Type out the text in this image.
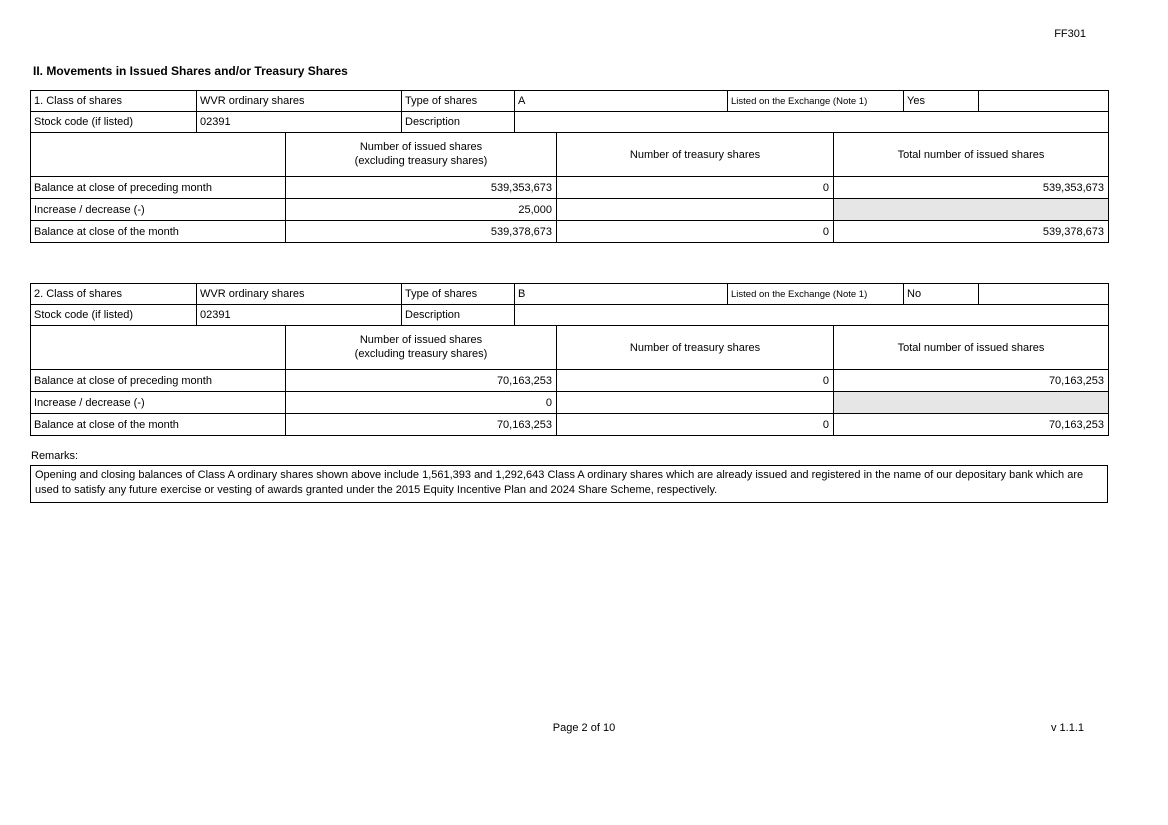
FF301
II. Movements in Issued Shares and/or Treasury Shares
1. Class of shares	WVR ordinary shares	Type of shares	A	Listed on the Exchange (Note 1)	Yes	
Stock code (if listed)	02391	Description				

	Number of issued shares (excluding treasury shares)	Number of treasury shares	Total number of issued shares
Balance at close of preceding month	539,353,673	0	539,353,673
Increase / decrease (-)	25,000		
Balance at close of the month	539,378,673	0	539,378,673
2. Class of shares	WVR ordinary shares	Type of shares	B	Listed on the Exchange (Note 1)	No	
Stock code (if listed)	02391	Description				

	Number of issued shares (excluding treasury shares)	Number of treasury shares	Total number of issued shares
Balance at close of preceding month	70,163,253	0	70,163,253
Increase / decrease (-)	0		
Balance at close of the month	70,163,253	0	70,163,253
Remarks:
Opening and closing balances of Class A ordinary shares shown above include 1,561,393 and 1,292,643 Class A ordinary shares which are already issued and registered in the name of our depositary bank which are used to satisfy any future exercise or vesting of awards granted under the 2015 Equity Incentive Plan and 2024 Share Scheme, respectively.
Page 2 of 10	v 1.1.1
